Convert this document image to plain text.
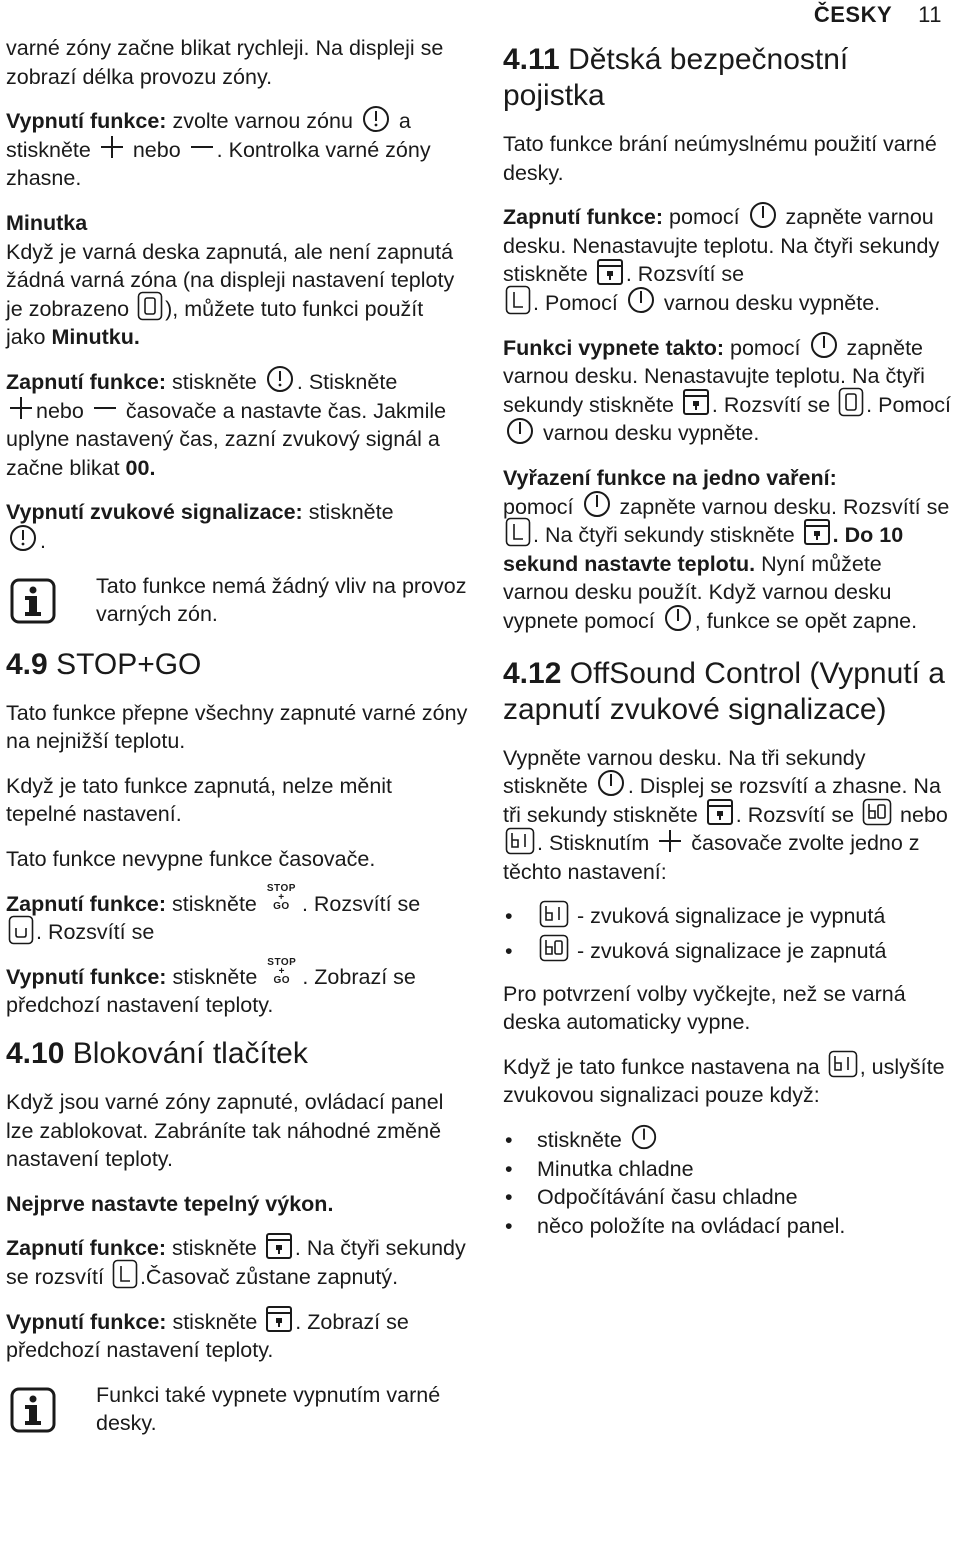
ČESKY 11

varné zóny začne blikat rychleji. Na displeji se zobrazí délka provozu zóny.

Vypnutí funkce: zvolte varnou zónu a stiskněte nebo . Kontrolka varné zóny zhasne.

Minutka
Když je varná deska zapnutá, ale není zapnutá žádná varná zóna (na displeji nastavení teploty je zobrazeno ), můžete tuto funkci použít jako Minutku.

Zapnutí funkce: stiskněte . Stiskněte

nebo časovače a nastavte čas. Jakmile uplyne nastavený čas, zazní zvukový signál a začne blikat 00.

Vypnutí zvukové signalizace: stiskněte

.

Tato funkce nemá žádný vliv na provoz varných zón.

4.9 STOP+GO

Tato funkce přepne všechny zapnuté varné zóny na nejnižší teplotu.

Když je tato funkce zapnutá, nelze měnit tepelné nastavení.

Tato funkce nevypne funkce časovače.

Zapnutí funkce: stiskněte STOP
+
GO . Rozsvítí se

. Rozsvítí se

Vypnutí funkce: stiskněte STOP
+
GO . Zobrazí se předchozí nastavení teploty.

4.10 Blokování tlačítek

Když jsou varné zóny zapnuté, ovládací panel lze zablokovat. Zabráníte tak náhodné změně nastavení teploty.

Nejprve nastavte tepelný výkon.

Zapnutí funkce: stiskněte . Na čtyři sekundy se rozsvítí .Časovač zůstane zapnutý.

Vypnutí funkce: stiskněte . Zobrazí se předchozí nastavení teploty.

Funkci také vypnete vypnutím varné desky.

4.11 Dětská bezpečnostní pojistka

Tato funkce brání neúmyslnému použití varné desky.

Zapnutí funkce: pomocí zapněte varnou desku. Nenastavujte teplotu. Na čtyři sekundy stiskněte . Rozsvítí se

. Pomocí varnou desku vypněte.

Funkci vypnete takto: pomocí zapněte varnou desku. Nenastavujte teplotu. Na čtyři sekundy stiskněte . Rozsvítí se . Pomocí
varnou desku vypněte.

Vyřazení funkce na jedno vaření:
pomocí zapněte varnou desku. Rozsvítí se
. Na čtyři sekundy stiskněte . Do 10 sekund nastavte teplotu. Nyní můžete varnou desku použít. Když varnou desku vypnete pomocí , funkce se opět zapne.

4.12 OffSound Control (Vypnutí a zapnutí zvukové signalizace)

Vypněte varnou desku. Na tři sekundy stiskněte . Displej se rozsvítí a zhasne. Na tři sekundy stiskněte . Rozsvítí se nebo
. Stisknutím časovače zvolte jedno z těchto nastavení:

• - zvuková signalizace je vypnutá
• - zvuková signalizace je zapnutá

Pro potvrzení volby vyčkejte, než se varná deska automaticky vypne.

Když je tato funkce nastavena na , uslyšíte zvukovou signalizaci pouze když:

• stiskněte
• Minutka chladne
• Odpočítávání času chladne
• něco položíte na ovládací panel.
